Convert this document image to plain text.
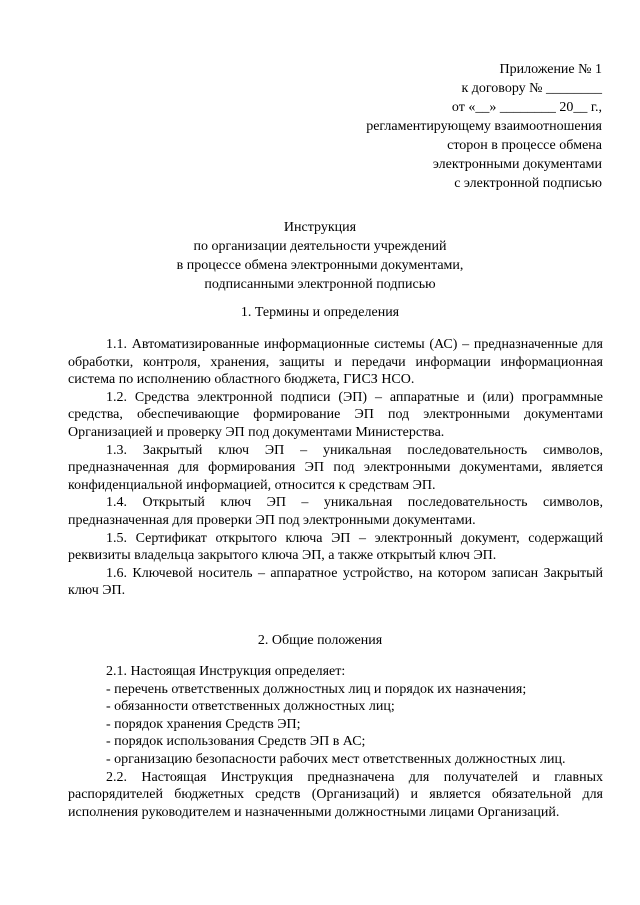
Приложение № 1
к договору № ________
от «__» ________ 20__ г.,
регламентирующему взаимоотношения
сторон в процессе обмена
электронными документами
с электронной подписью
Инструкция
по организации деятельности учреждений
в процессе обмена электронными документами,
подписанными электронной подписью
1. Термины и определения

1.1. Автоматизированные информационные системы (АС) – предназначенные для обработки, контроля, хранения, защиты и передачи информации информационная система по исполнению областного бюджета, ГИСЗ НСО.

1.2. Средства электронной подписи (ЭП) – аппаратные и (или) программные средства, обеспечивающие формирование ЭП под электронными документами Организацией и проверку ЭП под документами Министерства.

1.3. Закрытый ключ ЭП – уникальная последовательность символов, предназначенная для формирования ЭП под электронными документами, является конфиденциальной информацией, относится к средствам ЭП.

1.4. Открытый ключ ЭП – уникальная последовательность символов, предназначенная для проверки ЭП под электронными документами.

1.5. Сертификат открытого ключа ЭП – электронный документ, содержащий реквизиты владельца закрытого ключа ЭП, а также открытый ключ ЭП.

1.6. Ключевой носитель – аппаратное устройство, на котором записан Закрытый ключ ЭП.

2. Общие положения

2.1. Настоящая Инструкция определяет:

- перечень ответственных должностных лиц и порядок их назначения;

- обязанности ответственных должностных лиц;

- порядок хранения Средств ЭП;

- порядок использования Средств ЭП в АС;

- организацию безопасности рабочих мест ответственных должностных лиц.

2.2. Настоящая Инструкция предназначена для получателей и главных распорядителей бюджетных средств (Организаций) и является обязательной для исполнения руководителем и назначенными должностными лицами Организаций.
